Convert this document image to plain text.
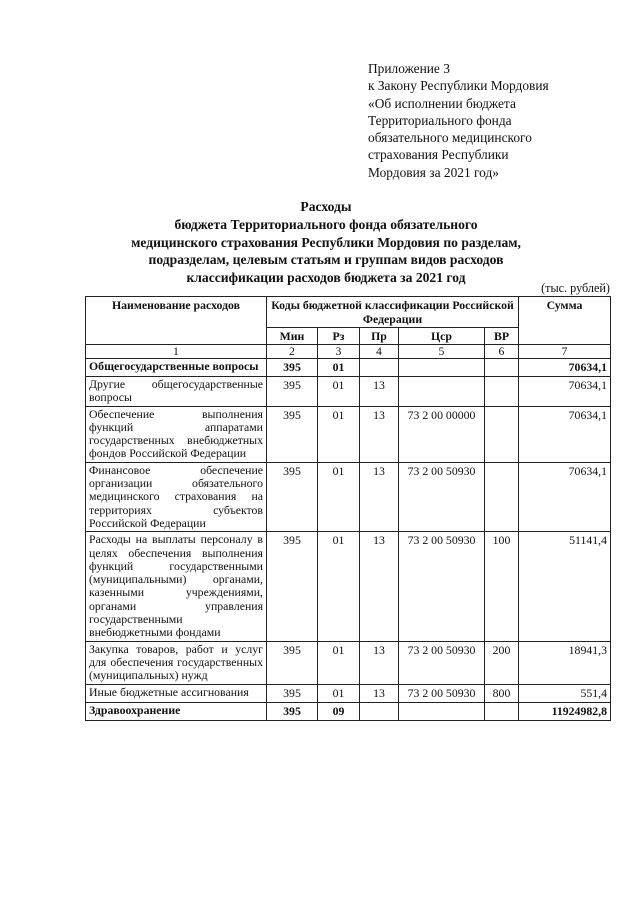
Приложение 3
к Закону Республики Мордовия
«Об исполнении бюджета
Территориального фонда
обязательного медицинского
страхования Республики
Мордовия за 2021 год»
Расходы
бюджета Территориального фонда обязательного
медицинского страхования Республики Мордовия по разделам,
подразделам, целевым статьям и группам видов расходов
классификации расходов бюджета за 2021 год
(тыс. рублей)
Наименование расходов	Коды бюджетной классификации Российской Федерации					Сумма
	Мин	Рз	Пр	Цср	ВР	
1	2	3	4	5	6	7
Общегосударственные вопросы	395	01				70634,1
Другие общегосударственные вопросы	395	01	13			70634,1
Обеспечение выполнения функций аппаратами государственных внебюджетных фондов Российской Федерации	395	01	13	73 2 00 00000		70634,1
Финансовое обеспечение организации обязательного медицинского страхования на территориях субъектов Российской Федерации	395	01	13	73 2 00 50930		70634,1
Расходы на выплаты персоналу в целях обеспечения выполнения функций государственными (муниципальными) органами, казенными учреждениями, органами управления государственными внебюджетными фондами	395	01	13	73 2 00 50930	100	51141,4
Закупка товаров, работ и услуг для обеспечения государственных (муниципальных) нужд	395	01	13	73 2 00 50930	200	18941,3
Иные бюджетные ассигнования	395	01	13	73 2 00 50930	800	551,4
Здравоохранение	395	09				11924982,8
